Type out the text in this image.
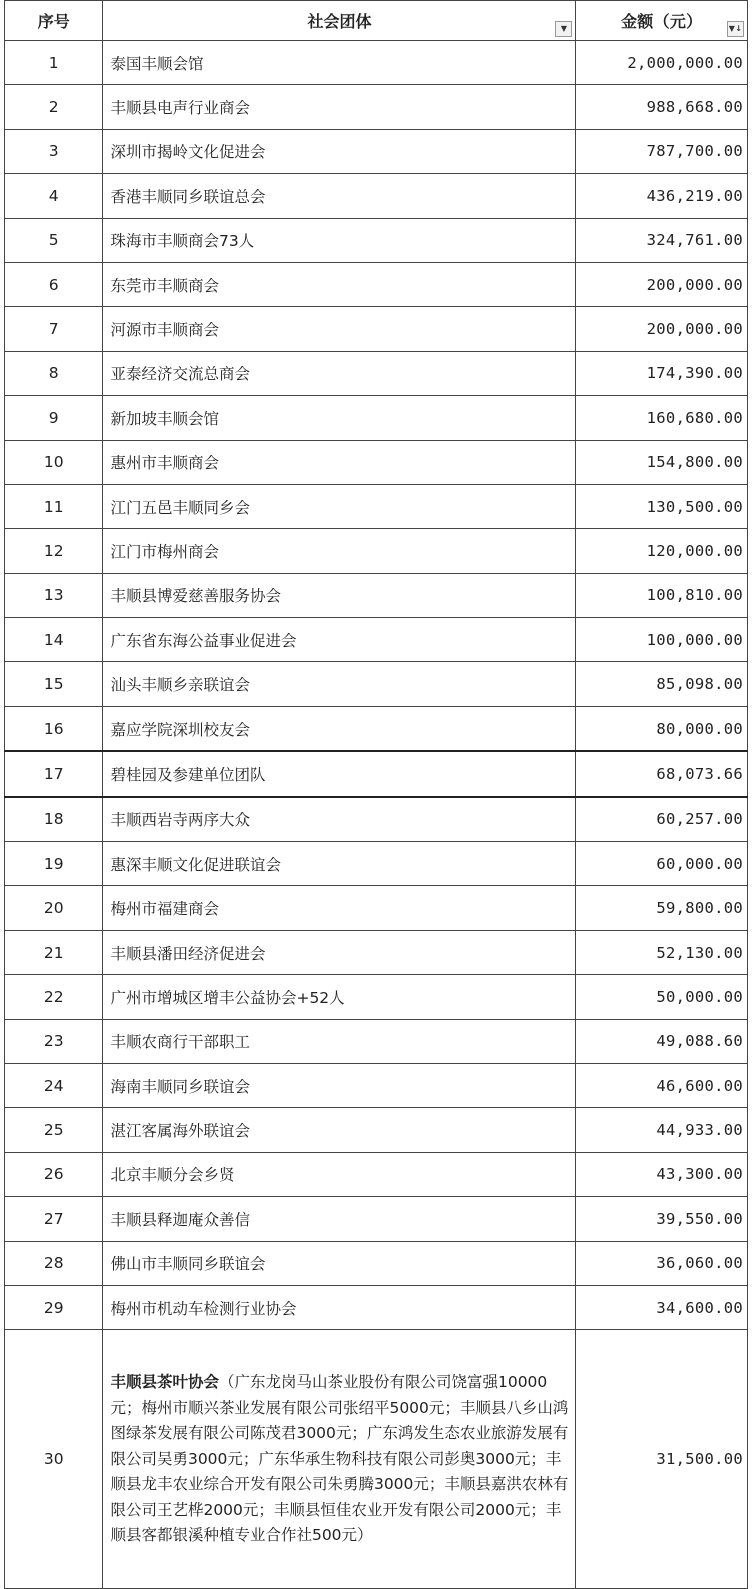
序号	社会团体 ▼	金额（元） ▼↓

1	泰国丰顺会馆	2,000,000.00
2	丰顺县电声行业商会	988,668.00
3	深圳市揭岭文化促进会	787,700.00
4	香港丰顺同乡联谊总会	436,219.00
5	珠海市丰顺商会73人	324,761.00
6	东莞市丰顺商会	200,000.00
7	河源市丰顺商会	200,000.00
8	亚泰经济交流总商会	174,390.00
9	新加坡丰顺会馆	160,680.00
10	惠州市丰顺商会	154,800.00
11	江门五邑丰顺同乡会	130,500.00
12	江门市梅州商会	120,000.00
13	丰顺县博爱慈善服务协会	100,810.00
14	广东省东海公益事业促进会	100,000.00
15	汕头丰顺乡亲联谊会	85,098.00
16	嘉应学院深圳校友会	80,000.00
17	碧桂园及参建单位团队	68,073.66
18	丰顺西岩寺两序大众	60,257.00
19	惠深丰顺文化促进联谊会	60,000.00
20	梅州市福建商会	59,800.00
21	丰顺县潘田经济促进会	52,130.00
22	广州市增城区增丰公益协会+52人	50,000.00
23	丰顺农商行干部职工	49,088.60
24	海南丰顺同乡联谊会	46,600.00
25	湛江客属海外联谊会	44,933.00
26	北京丰顺分会乡贤	43,300.00
27	丰顺县释迦庵众善信	39,550.00
28	佛山市丰顺同乡联谊会	36,060.00
29	梅州市机动车检测行业协会	34,600.00
30	丰顺县茶叶协会（广东龙岗马山茶业股份有限公司饶富强10000元；梅州市顺兴茶业发展有限公司张绍平5000元；丰顺县八乡山鸿图绿茶发展有限公司陈茂君3000元；广东鸿发生态农业旅游发展有限公司吴勇3000元；广东华承生物科技有限公司彭奥3000元；丰顺县龙丰农业综合开发有限公司朱勇腾3000元；丰顺县嘉洪农林有限公司王艺桦2000元；丰顺县恒佳农业开发有限公司2000元；丰顺县客都银溪种植专业合作社500元）	31,500.00
